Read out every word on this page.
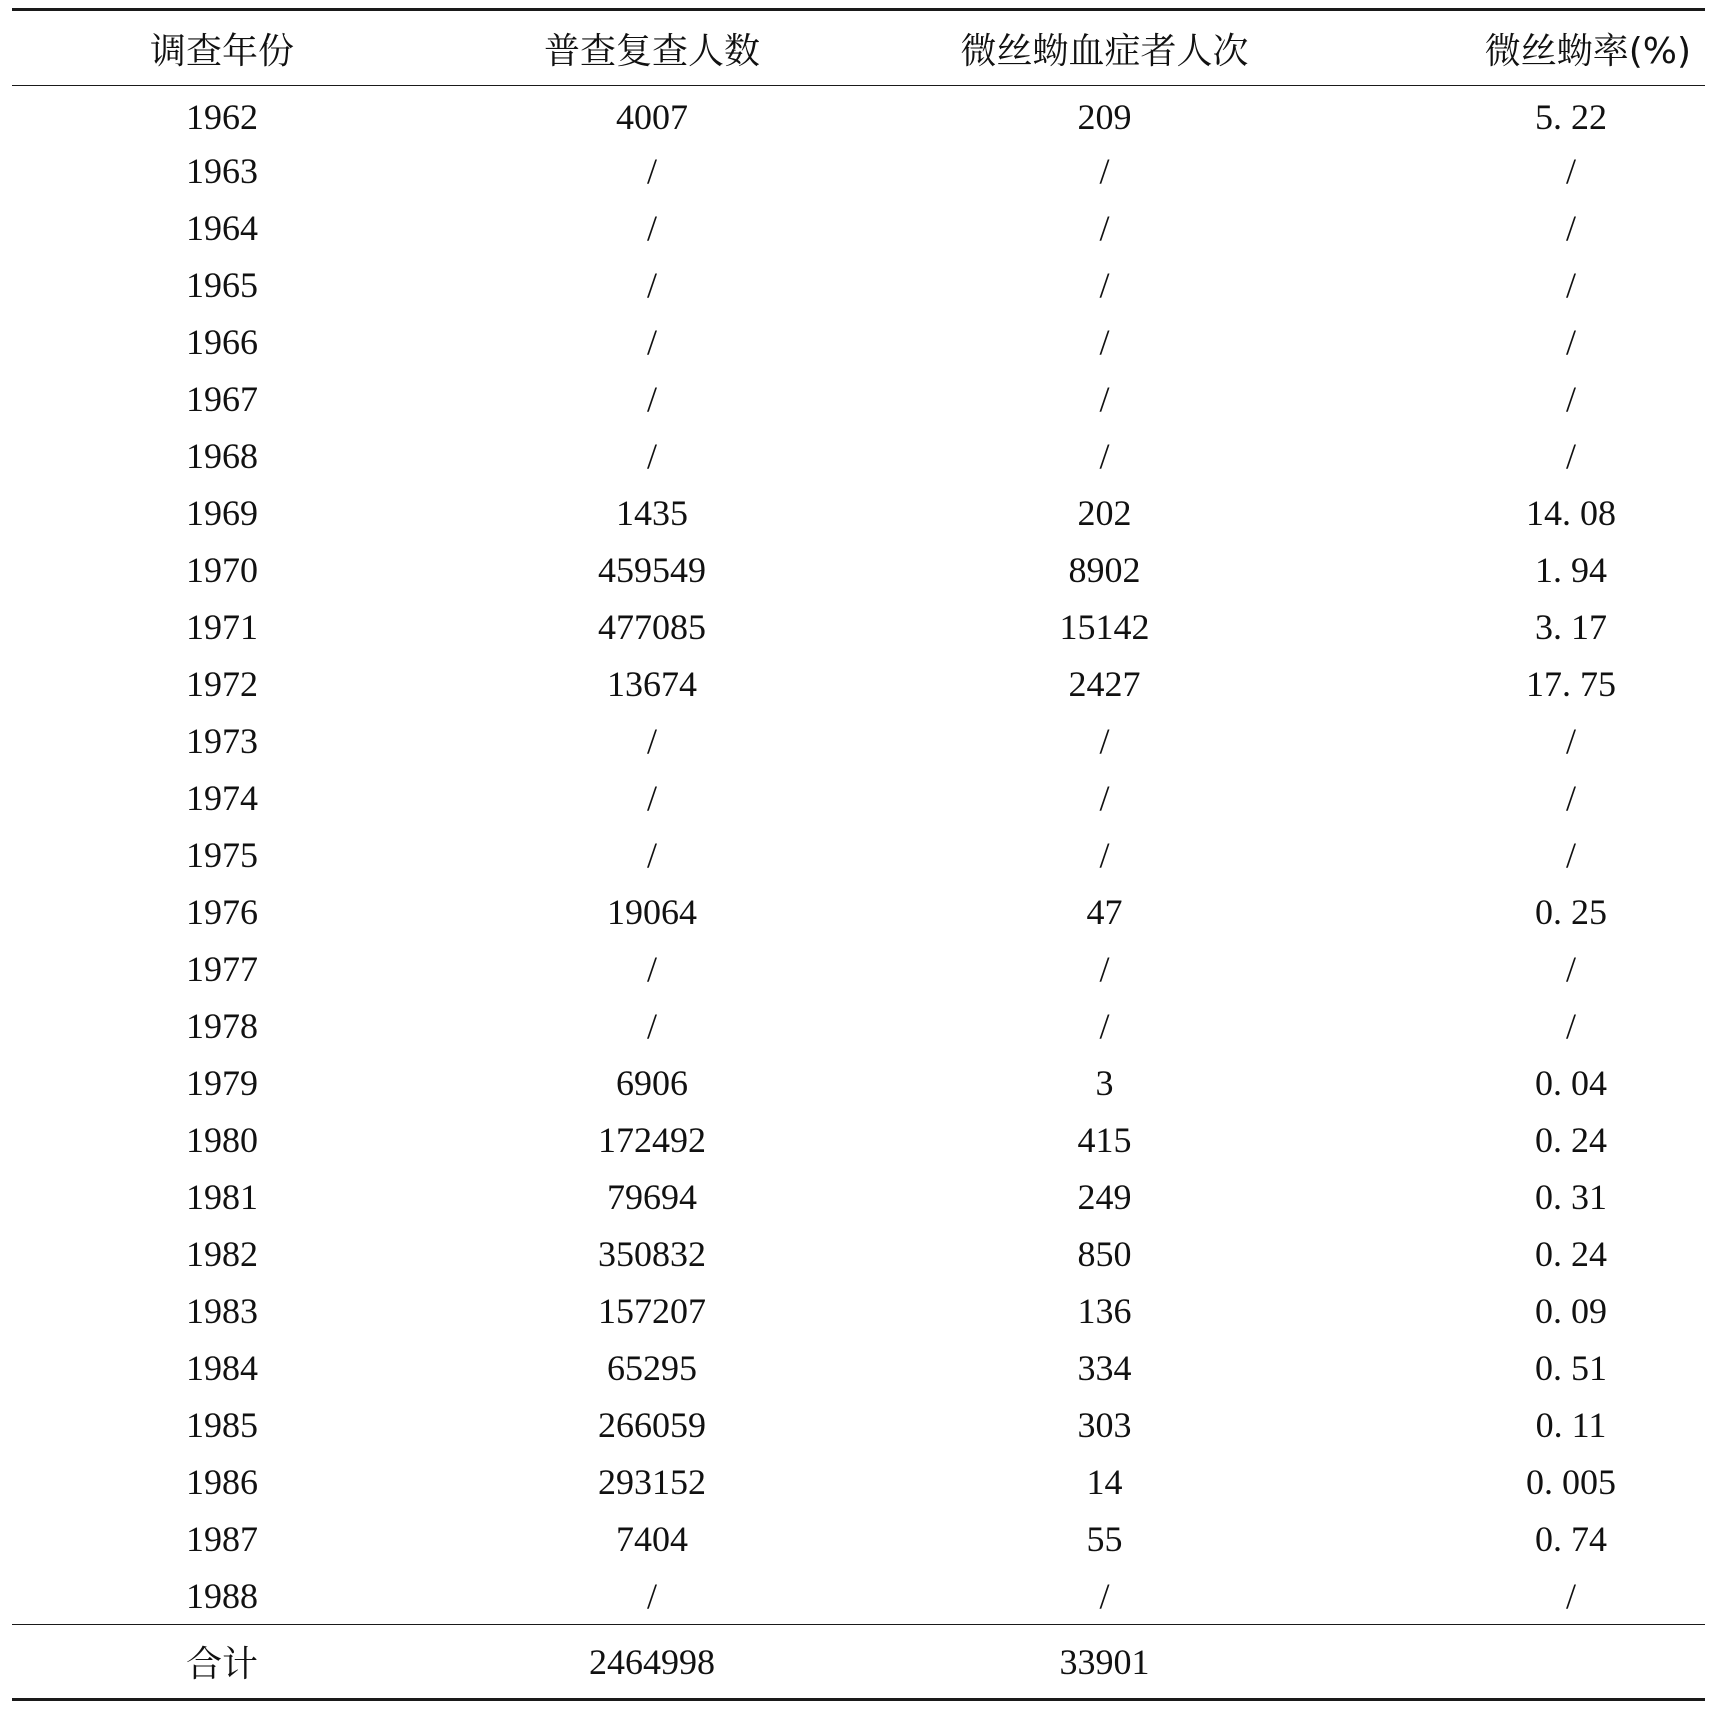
调查年份	普查复查人数	微丝蚴血症者人次	微丝蚴率(%)
1962	4007	209	5. 22
1963	/	/	/
1964	/	/	/
1965	/	/	/
1966	/	/	/
1967	/	/	/
1968	/	/	/
1969	1435	202	14. 08
1970	459549	8902	1. 94
1971	477085	15142	3. 17
1972	13674	2427	17. 75
1973	/	/	/
1974	/	/	/
1975	/	/	/
1976	19064	47	0. 25
1977	/	/	/
1978	/	/	/
1979	6906	3	0. 04
1980	172492	415	0. 24
1981	79694	249	0. 31
1982	350832	850	0. 24
1983	157207	136	0. 09
1984	65295	334	0. 51
1985	266059	303	0. 11
1986	293152	14	0. 005
1987	7404	55	0. 74
1988	/	/	/
合计	2464998	33901	
